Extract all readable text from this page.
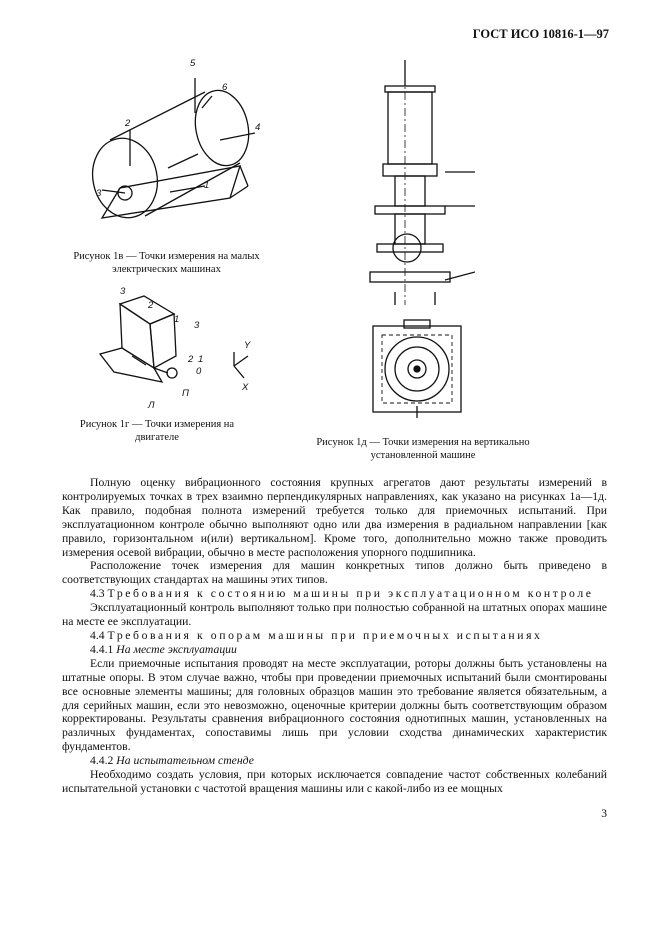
ГОСТ ИСО 10816-1—97
5
6
2	4
3
1
Рисунок 1в — Точки измерения на малых электрических машинах
3
2
1
3
2 1
0
Y
X
Л
П
Рисунок 1г — Точки измерения на двигателе	Рисунок 1д — Точки измерения на вертикально установленной машине

Полную оценку вибрационного состояния крупных агрегатов дают результаты измерений в контролируемых точках в трех взаимно перпендикулярных направлениях, как указано на рисунках 1а—1д. Как правило, подобная полнота измерений требуется только для приемочных испытаний. При эксплуатационном контроле обычно выполняют одно или два измерения в радиальном направлении [как правило, горизонтальном и(или) вертикальном]. Кроме того, дополнительно можно также проводить измерения осевой вибрации, обычно в месте расположения упорного подшипника.

Расположение точек измерения для машин конкретных типов должно быть приведено в соответствующих стандартах на машины этих типов.

4.3 Требования к состоянию машины при эксплуатационном контроле

Эксплуатационный контроль выполняют только при полностью собранной на штатных опорах машине на месте ее эксплуатации.

4.4 Требования к опорам машины при приемочных испытаниях

4.4.1 На месте эксплуатации

Если приемочные испытания проводят на месте эксплуатации, роторы должны быть установлены на штатные опоры. В этом случае важно, чтобы при проведении приемочных испытаний были смонтированы все основные элементы машины; для головных образцов машин это требование является обязательным, а для серийных машин, если это невозможно, оценочные критерии должны быть соответствующим образом корректированы. Результаты сравнения вибрационного состояния однотипных машин, установленных на различных фундаментах, сопоставимы лишь при условии сходства динамических характеристик фундаментов.

4.4.2 На испытательном стенде

Необходимо создать условия, при которых исключается совпадение частот собственных колебаний испытательной установки с частотой вращения машины или с какой-либо из ее мощных

3
